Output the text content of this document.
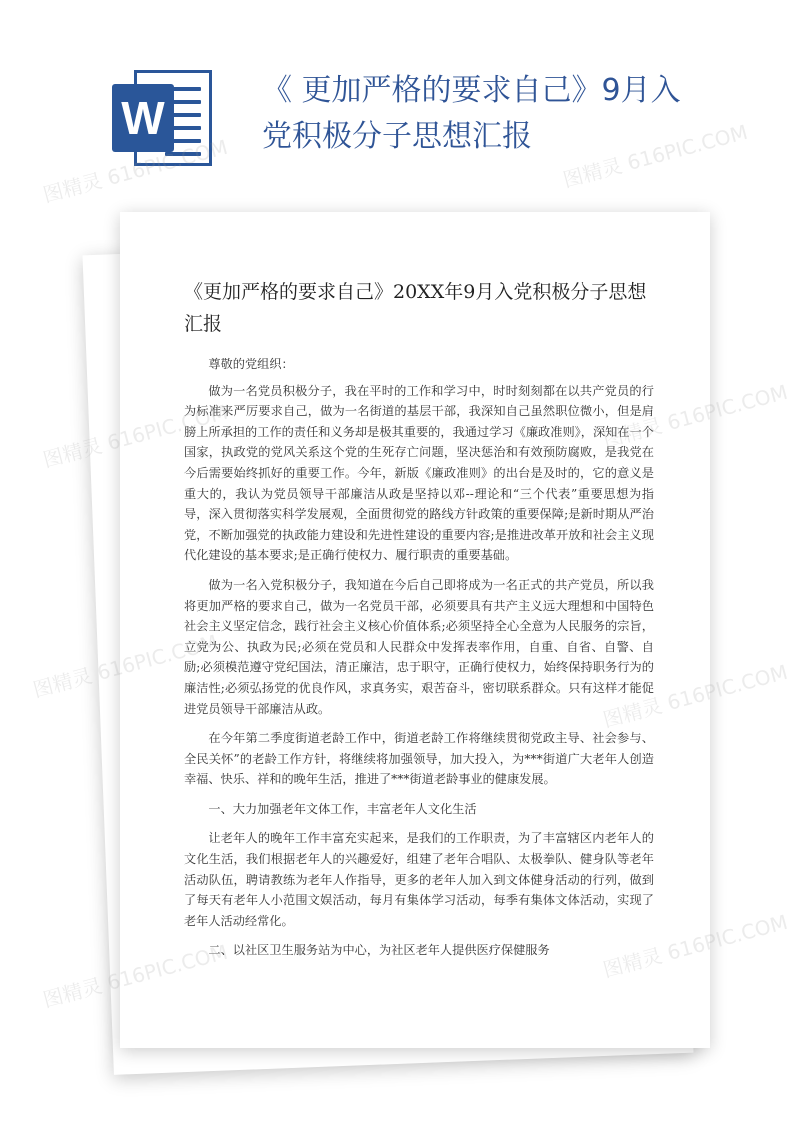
W
《 更加严格的要求自己》9月入党积极分子思想汇报
《更加严格的要求自己》20XX年9月入党积极分子思想汇报

尊敬的党组织：

做为一名党员积极分子，我在平时的工作和学习中，时时刻刻都在以共产党员的行为标准来严厉要求自己，做为一名街道的基层干部，我深知自己虽然职位微小，但是肩膀上所承担的工作的责任和义务却是极其重要的，我通过学习《廉政准则》，深知在一个国家，执政党的党风关系这个党的生死存亡问题，坚决惩治和有效预防腐败，是我党在今后需要始终抓好的重要工作。今年，新版《廉政准则》的出台是及时的，它的意义是重大的，我认为党员领导干部廉洁从政是坚持以邓--理论和“三个代表”重要思想为指导，深入贯彻落实科学发展观，全面贯彻党的路线方针政策的重要保障;是新时期从严治党，不断加强党的执政能力建设和先进性建设的重要内容;是推进改革开放和社会主义现代化建设的基本要求;是正确行使权力、履行职责的重要基础。

做为一名入党积极分子，我知道在今后自己即将成为一名正式的共产党员，所以我将更加严格的要求自己，做为一名党员干部，必须要具有共产主义远大理想和中国特色社会主义坚定信念，践行社会主义核心价值体系;必须坚持全心全意为人民服务的宗旨，立党为公、执政为民;必须在党员和人民群众中发挥表率作用，自重、自省、自警、自励;必须模范遵守党纪国法，清正廉洁，忠于职守，正确行使权力，始终保持职务行为的廉洁性;必须弘扬党的优良作风，求真务实，艰苦奋斗，密切联系群众。只有这样才能促进党员领导干部廉洁从政。

在今年第二季度街道老龄工作中，街道老龄工作将继续贯彻党政主导、社会参与、全民关怀”的老龄工作方针，将继续将加强领导，加大投入，为***街道广大老年人创造幸福、快乐、祥和的晚年生活，推进了***街道老龄事业的健康发展。

一、大力加强老年文体工作，丰富老年人文化生活

让老年人的晚年工作丰富充实起来，是我们的工作职责，为了丰富辖区内老年人的文化生活，我们根据老年人的兴趣爱好，组建了老年合唱队、太极拳队、健身队等老年活动队伍，聘请教练为老年人作指导，更多的老年人加入到文体健身活动的行列，做到了每天有老年人小范围文娱活动，每月有集体学习活动，每季有集体文体活动，实现了老年人活动经常化。

二、以社区卫生服务站为中心，为社区老年人提供医疗保健服务

图精灵 616PIC.COM	图精灵 616PIC.COM
图精灵
616PIC.COM
图精灵	616PIC.COM
图精灵
616PIC.COM
